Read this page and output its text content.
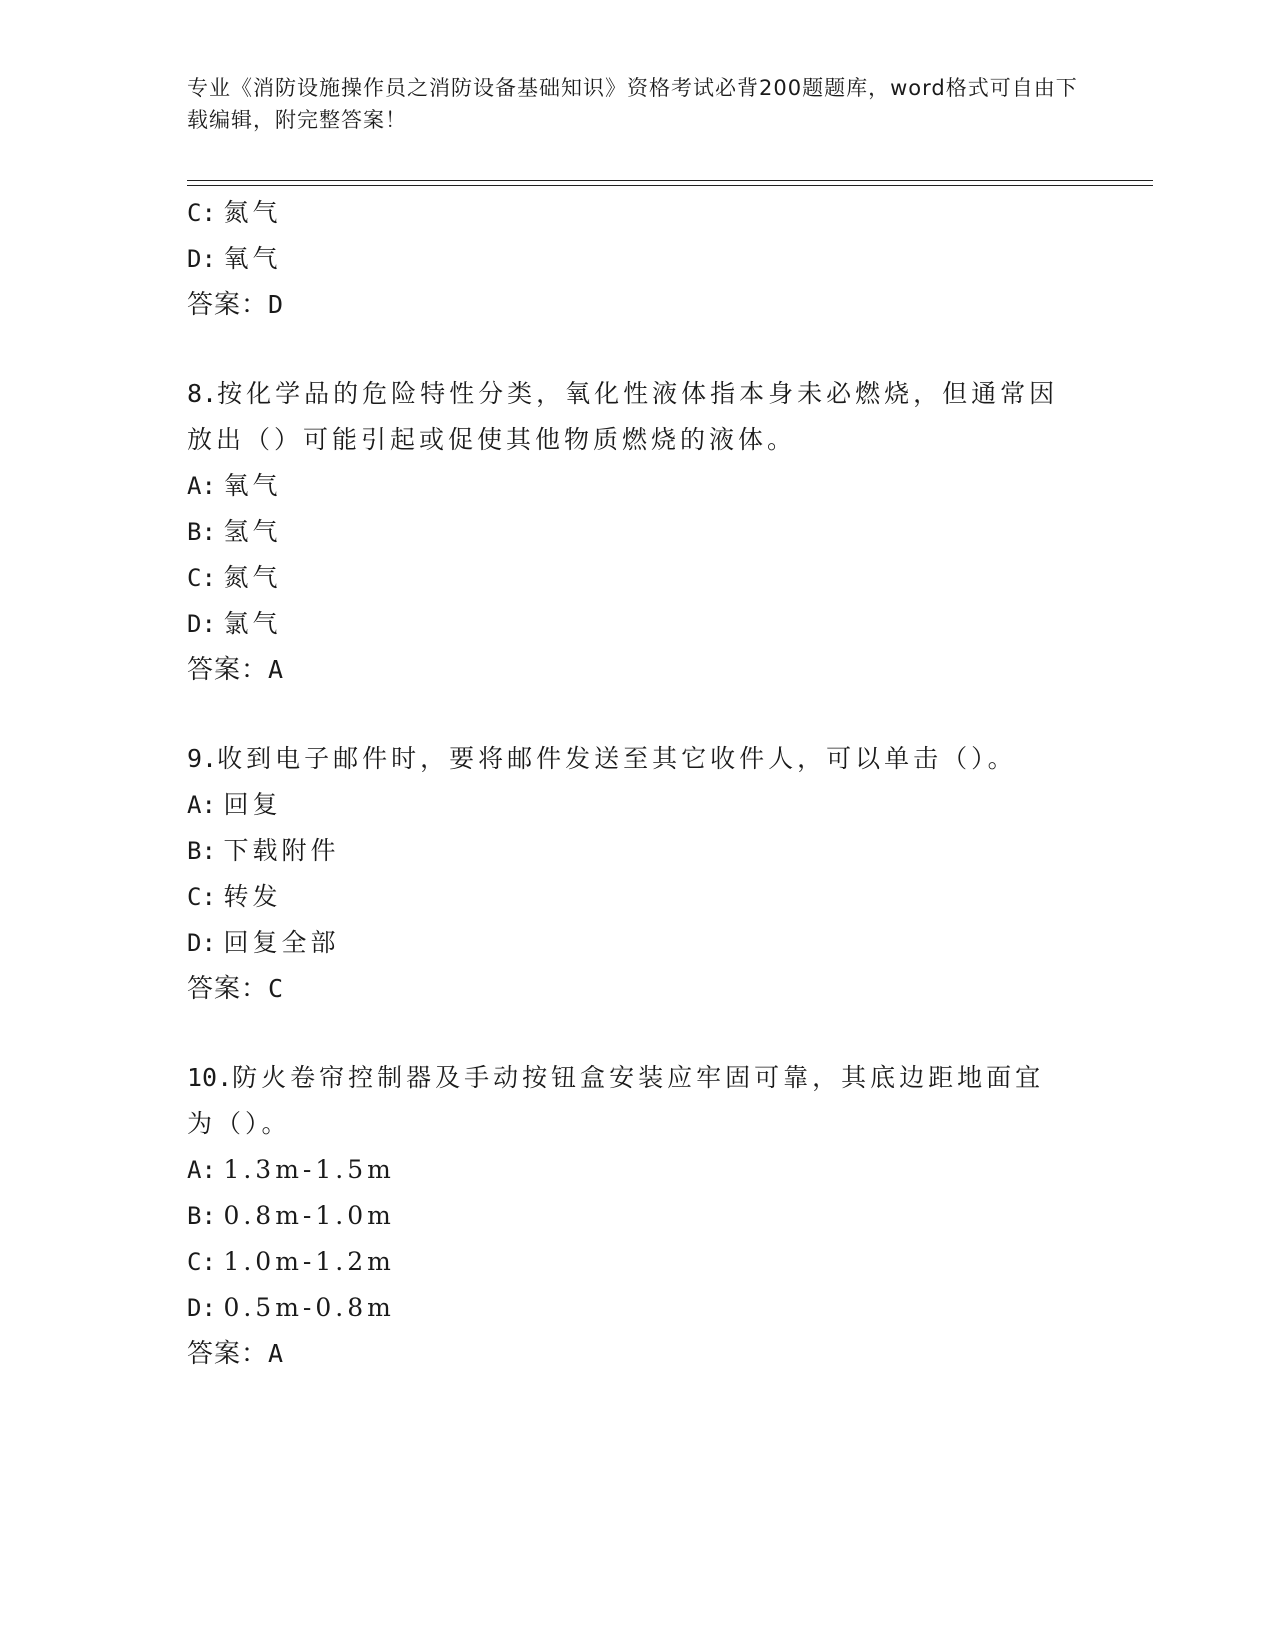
专业《消防设施操作员之消防设备基础知识》资格考试必背200题题库，word格式可自由下载编辑，附完整答案！
C: 氮气
D: 氧气
答案：D
8.按化学品的危险特性分类，氧化性液体指本身未必燃烧，但通常因放出（）可能引起或促使其他物质燃烧的液体。
A: 氧气
B: 氢气
C: 氮气
D: 氯气
答案：A
9.收到电子邮件时，要将邮件发送至其它收件人，可以单击（）。
A: 回复
B: 下载附件
C: 转发
D: 回复全部
答案：C
10.防火卷帘控制器及手动按钮盒安装应牢固可靠，其底边距地面宜为（）。
A: 1.3m-1.5m
B: 0.8m-1.0m
C: 1.0m-1.2m
D: 0.5m-0.8m
答案：A
